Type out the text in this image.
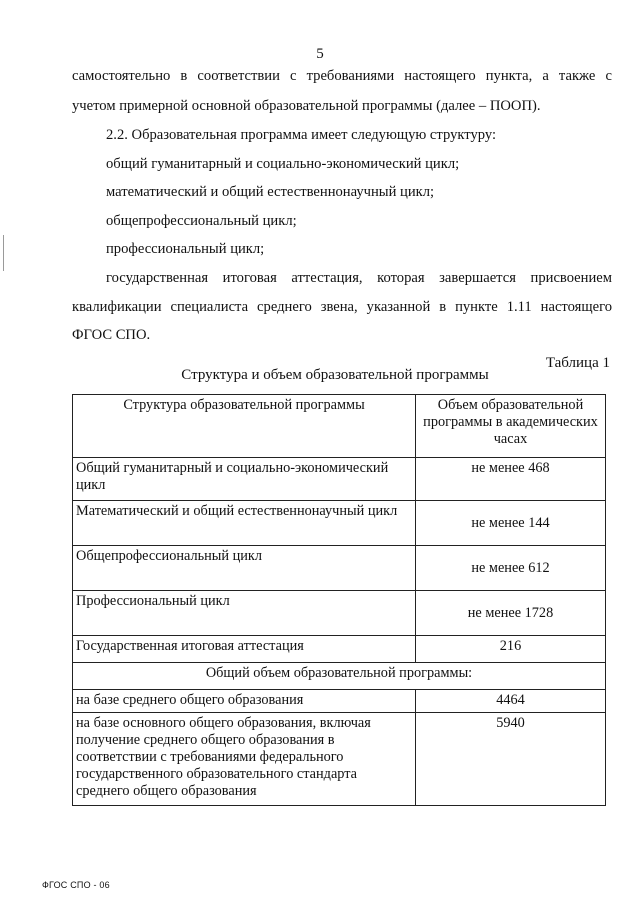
5
самостоятельно в соответствии с требованиями настоящего пункта, а также с
учетом примерной основной образовательной программы (далее – ПООП).
2.2. Образовательная программа имеет следующую структуру:
общий гуманитарный и социально-экономический цикл;
математический и общий естественнонаучный цикл;
общепрофессиональный цикл;
профессиональный цикл;
государственная итоговая аттестация, которая завершается присвоением
квалификации специалиста среднего звена, указанной в пункте 1.11 настоящего
ФГОС СПО.
Таблица 1
Структура и объем образовательной программы
Структура образовательной программы	Объем образовательной программы в академических часах
Общий гуманитарный и социально-экономический цикл	не менее 468
Математический и общий естественнонаучный цикл	не менее 144
Общепрофессиональный цикл	не менее 612
Профессиональный цикл	не менее 1728
Государственная итоговая аттестация	216
Общий объем образовательной программы:	
на базе среднего общего образования	4464
на базе основного общего образования, включая получение среднего общего образования в соответствии с требованиями федерального государственного образовательного стандарта среднего общего образования	5940
ФГОС СПО - 06
